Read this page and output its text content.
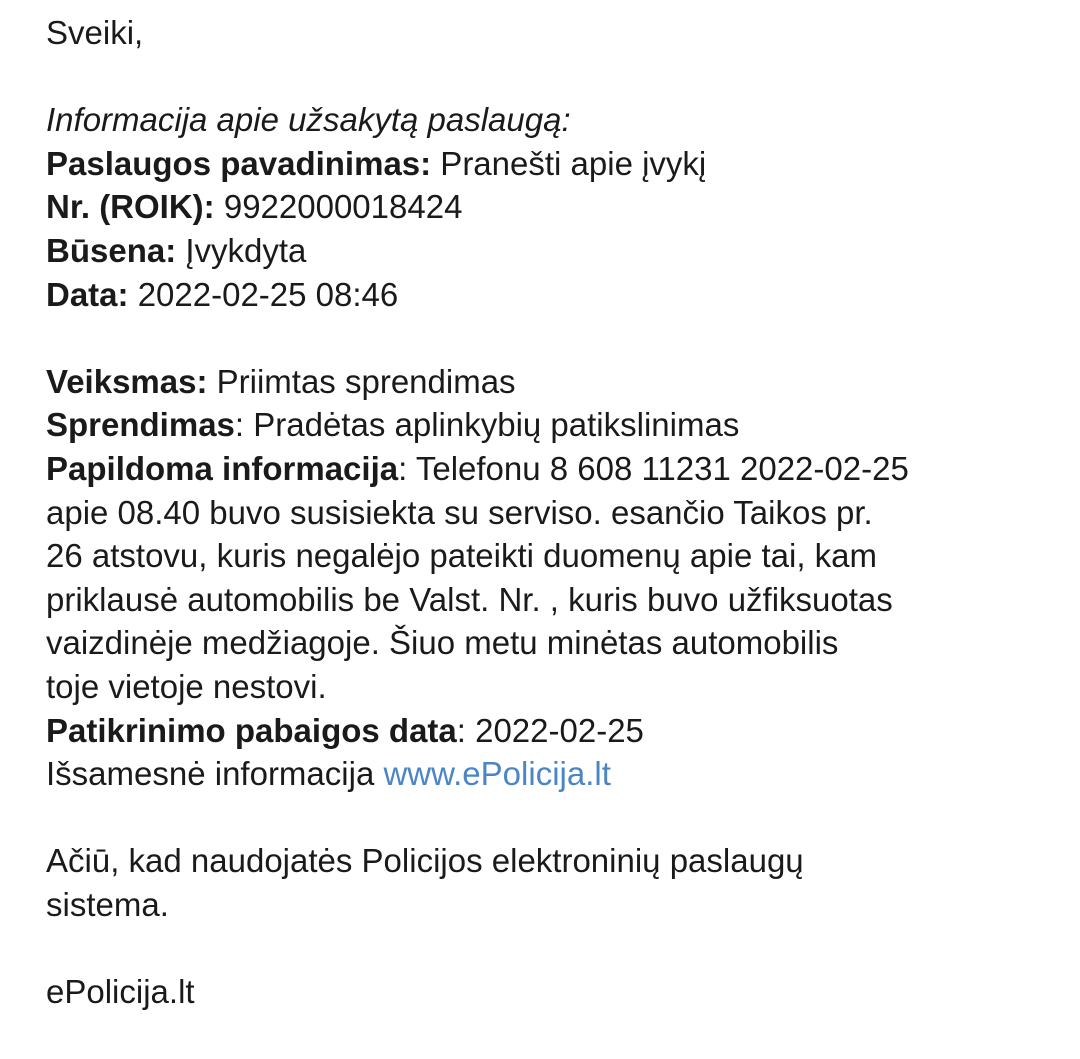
Sveiki,
Informacija apie užsakytą paslaugą:
Paslaugos pavadinimas: Pranešti apie įvykį
Nr. (ROIK): 9922000018424
Būsena: Įvykdyta
Data: 2022-02-25 08:46
Veiksmas: Priimtas sprendimas
Sprendimas: Pradėtas aplinkybių patikslinimas
Papildoma informacija: Telefonu 8 608 11231 2022-02-25
apie 08.40 buvo susisiekta su serviso. esančio Taikos pr.
26 atstovu, kuris negalėjo pateikti duomenų apie tai, kam
priklausė automobilis be Valst. Nr. , kuris buvo užfiksuotas
vaizdinėje medžiagoje. Šiuo metu minėtas automobilis
toje vietoje nestovi.
Patikrinimo pabaigos data: 2022-02-25
Išsamesnė informacija www.ePolicija.lt
Ačiū, kad naudojatės Policijos elektroninių paslaugų
sistema.
ePolicija.lt
